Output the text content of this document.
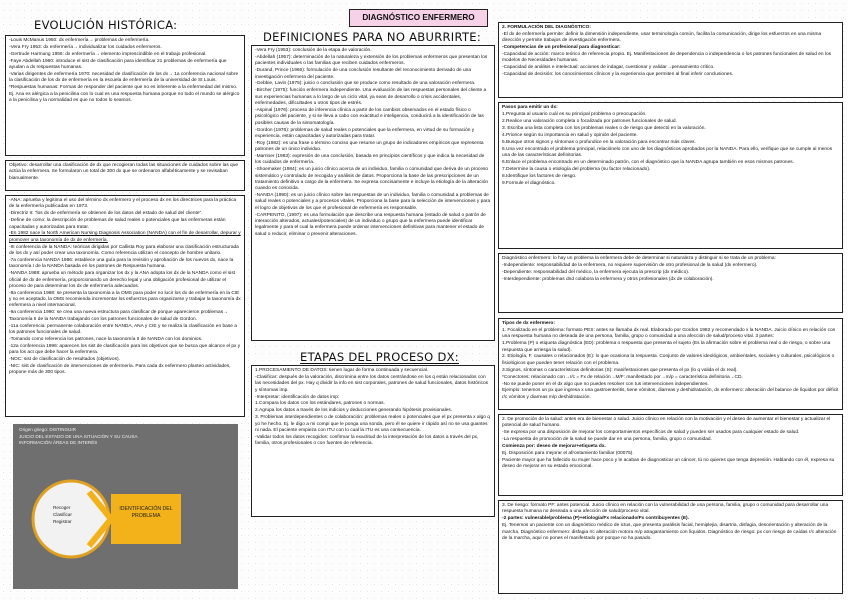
DIAGNÓSTICO ENFERMERO
EVOLUCIÓN HISTÓRICA:

-Louis McManus 1950: dx enfermería→ problemas de enfermería.

-Vera Fry 1953: dx enfermería→ individualizar los cuidados enfermeros.

-Gertrude Harmung 1956: dx enfermería→ elemento imprescindible en el trabajo profesional.

-Faye Abdellah 1960: introduce el sist de clasificación para identificar 21 problemas de enfermería que ayudan a dx respuestas humanas.

-Varias dirigentes de enfermería 1970: necesidad de clasificación de los dx→ 1a conferencia nacional sobre la clasificación de los dx de enfermería en la escuela de enfermería de la universidad de St Louis.

*Respuestas humanas: Formas de responder del paciente que no es inherente a la enfermedad del mismo. Ej. Ana es alérgica a la penicilina con lo cual es una respuesta humana porque no todo el mundo se alérgico a la penicilina y la normalidad es que no todos lo seamos.

Objetivo: desarrollar una clasificación de dx que recogieran todas las situaciones de cuidados sobre las que actúa la enfermera. Se formularon un total de 300 dx que se ordenaron alfabéticamente y se revisaban bianualmente.

-ANA: aprueba y legitima el uso del término dx enfermero y el proceso dx en los directrices para la práctica de la enfermería publicadas en 1973.

-Directriz II: "los dx de enfermería se obtienen de los datos del estado de salud del cliente".

-Define de como: la descripción de problemas de salud reales o potenciales que las enfermeras están capacitadas y autorizadas para tratar.

-En 1982 nace la North American Nursing Diagnosis Association (NANDA) con el fin de desarrollar, depurar y promover una taxonomía de dx de enfermería.

-III conferencia de la NANDA: teóricas dirigidas por Callista Roy para elaborar una clasificación estructurada de los dx y así poder crear una taxonomía. Como referencia utilizan el concepto de hombre unitario.

-7a conferencia NANDA 1986: establece una guía para la revisión y aprobación de los nuevos dx, nace la taxonomía I de la NANDA basada en los patrones de Respuesta humana.

-NANDA 1988: aprueba un método para organizar los dx y la ANA adopta los dx de la NANDA como el sist oficial de dx de enfermería, proporcionando un derecho legal y una obligación profesional de utilizar el proceso de para determinar los dx de enfermería adecuados.

-8a conferencia 1988: se presenta la taxonomía a la OMS para poder no lucir los dx de enfermería en la CIE y no es aceptado, la OMS recomienda incrementar los esfuerzos para organizarse y trabajar la taxonomía dx enfermera a nivel internacional.

-9a conferencia 1990: se crea una nueva estructura para clasificar de porque aparecieron problemas→ Taxonomía II de la NANDA trabajando con los patrones funcionales de salud de Gordon.

-11a conferencia: permanente colaboración entre NANDA, ANA y CIE y se realiza la clasificación en base a los patrones funcionales de salud.

-Tomando como referencia los patrones, nace la taxonomía II de NANDA con los dominios.

-12a conferencia 1996: aparecen los sist de clasificación para los objetivos que se busca que alcance el px y para los act que debe hacer la enfermera.

-NOC: sist de clasificación de resultados (objetivos).

-NIC: sist de clasificación de intervenciones de enfermería. Para cada dx enfermero planteo actividades, propone más de 300 tipos.

Origen griego: DISTINGUIR
JUICIO DEL ESTADO DE UNA SITUACIÓN Y SU CAUSA
INFORMACIÓN ÁREAS DE INTERÉS
Recoger
Clasificar
Registrar
IDENTIFICACIÓN DEL PROBLEMA
DEFINICIONES PARA NO ABURRIRTE:

-Vera Fry (1953): conclusión de la etapa de valoración.

-Abdellah (1957): determinación de la naturaleza y extensión de los problemas enfermeros que presentan los pacientes individuales o las familias que reciben cuidados enfermeros.

-Durand, Prince (1966): formulación de una conclusión resultante del reconocimiento derivado de una investigación enfermera del paciente.

-Gebbie, Lavin (1975): juicio o conclusión que se produce como resultado de una valoración enfermera.

-Bircher (1975): función enfermera independiente. Una evaluación de las respuestas personales del cliente a sus experiencias humanas a lo largo de un ciclo vital, ya sean de desarrollo o crisis accidentales, enfermedades, dificultades u otros tipos de estrés.

-Aspinal (1976): proceso de inferencia clínica a partir de los cambios observados en el estado físico o psicológico del paciente, y si se lleva a cabo con exactitud e inteligencia, conducirá a la identificación de las posibles causas de la sintomatología.

-Gordon (1976): problemas de salud reales o potenciales que la enfermera, en virtud de su formación y experiencia, están capacitadas y autorizadas para tratar.

-Roy (1982): es una frase o término conciso que resume un grupo de indicadores empíricos que representa patrones de un único individuo.

-Marriner (1983): expresión de una conclusión, basada en principios científicos y que indica la necesidad de los cuidados de enfermería.

-Shoemaker (1984): es un juicio clínico acerca de un individuo, familia o comunidad que deriva de un proceso sistemático y controlado de recogida y análisis de datos. Proporciona la base de las prescripciones de un tratamiento definitivo a cargo de la enfermera. Se expresa concisamente e incluye la etiología de la alteración cuando es conocida.

-NANDA (1990): es un juicio clínico sobre las respuestas de un individuo, familia o comunidad a problemas de salud reales o potenciales y a procesos vitales. Proporciona la base para la selección de intervenciones y para el logro de objetivos de los que el profesional de enfermería es responsable.

-CARPENITO, (1997): es una formulación que describe una respuesta humana (estado de salud o patrón de interacción alterados, actuales/potenciales) de un individuo o grupo que la enfermera puede identificar legalmente y para el cual la enfermera puede ordenar intervenciones definitivas para mantener el estado de salud o reducir, eliminar o prevenir alteraciones.

ETAPAS DEL PROCESO DX:

1.PROCESAMIENTO DE DATOS: tienen lugar de forma continuada y secuencial.

-Clasificar: después de la valoración, discrimina entre los datos centrándose en los q están relacionados con las necesidades del px. Hay q dividir la info en sist corporales, patrones de salud funcionales, datos históricos y síntomas imp.

-Interpretar: identificación de datos imp:

1.Compara los datos con los estándares, patrones o normas.

2.Agrupa los datos a través de los indicios y deducciones generando hipótesis provisionales.

3. Problemas interdependientes o de colaboración: problemas reales o potenciales que el px presenta x algo q yo he hecho. Ej. le digo a mi compi que le ponga una sonda, pero él se quiere ir rápido así no se usa guantes ni nada. El paciente empieza con ITU con lo cual la ITU es una consecuencia.

-Validar todos los datos recogidos: confirmar la exactitud de la interpretación de los datos a través del px, familia, otros profesionales o con fuentes de referencia.

2. FORMULACIÓN DEL DIAGNÓSTICO:

-El dx de enfermería permite: definir la dimensión independiente, usar terminología común, facilita la comunicación, dirige los esfuerzos en una misma dirección y permite trabajos de investigación enfermera.

-Competencias de un profesional para diagnosticar:

-Capacidad de acción: marco teórico de referencia propio. Ej. Manifestaciones de dependencia o independencia o los patrones funcionales de salud en los modelos de Necesidades humanas.

-Capacidad de análisis e intelectual: acciones de indagar, cuestionar y validar→pensamiento crítico.

-Capacidad de decisión: los conocimientos clínicos y la experiencia que permiten al final inferir conclusiones.

Pasos para emitir un dx:

1.Pregunta al usuario cuál es su principal problema o preocupación.

2.Realice una valoración completa o focalizada por patrones funcionales de salud.

3. Escriba una lista completa con los problemas reales o de riesgo que detectó en la valoración.

4.Priorice según su importancia en salud y opinión del paciente.

5.Busque otros signos y síntomas o profundice en la valoración para encontrar más claves.

6.Una vez encontrado el problema principal, relaciónelo con uno de los diagnósticos aprobados por la NANDA. Para ello, verifique que se cumple al menos una de las características definitorias.

6.Enlace el problema encontrado en un determinado patrón, con el diagnóstico que la NANDA agrupa también en esos mismos patrones.

7.Determine la causa o etiología del problema (su factor relacionado).

8.Identifique los factores de riesgo.

9.Formule el diagnóstico.

Diagnóstico enfermero: lo hay un problema la enfermera debe de determinar si naturaleza y distinguir si se trata de un problema:

-Independiente: responsabilidad de la enfermera, no requiere supervisión de otro profesional de la salud (dx enfermero).

-Dependiente: responsabilidad del médico, la enfermera ejecuta la prescrip (dx médico).

-Interdependiente: problemas dnd colabora la enfermera y otros profesionales (dx de colaboración).

Tipos de dx enfermero:

1. Focalizado en el problema: formato PES: antes se llamaba dx real. Elaborado por Gordon 1982 y recomendado x la NANDA. Juicio clínico en relación con una respuesta humana no deseada de una persona, familia, grupo o comunidad a una afección de salud/proceso vital. 3 partes:

1.Problema (P) o etiqueta diagnóstica (ED): problema o respuesta que presenta el sujeto (Es la afirmación sobre el problema real o de riesgo, o sobre una respuesta que arriesga la salud).

2. Etiología, F. causales o relacionados (E): lo que ocasiona la respuesta. Conjunto de valores ideológicos, ambientales, sociales y culturales, psicológicos o fisiológicos que pueden tener relación con el problema.

3.Signos, síntomas o características definitorias (S): manifestaciones que presenta el px (lo q valida el dx real).

*Conectores: relacionado con→r/c = Fx de relación→M/F: manifestado por→m/p = característica definitoria→CD.

-No se puede poner en el dx algo que no puedes resolver con tus intervenciones independientes.

Ejemplo: tenemos un px que ingresa x una gastroenteritis, tiene vómitos, diarreas y deshidratación, dx enfermero: alteración del balance de líquidos por déficit r/c vómitos y diarreas m/p deshidratación.

2. De promoción de la salud: antes era de bienestar o salud. Juicio clínico en relación con la motivación y el deseo de aumentar el bienestar y actualizar el potencial de salud humano.

-Se expresa por una disposición de mejorar los comportamientos específicos de salud y pueden ser usados para cualquier estado de salud.

-La respuesta de promoción de la salud se puede dar en una persona, familia, grupo o comunidad.

Comienza por: deseo de mejorar+etiqueta dx.

Ej. Disposición para mejorar el afrontamiento familiar (00075).

Paciente mayor que ha fallecido su mujer hace poco y le acaban de diagnosticar un cáncer, tú no quieres que tenga depresión. Hablando con él, expresa su deseo de mejorar en su estado emocional.

3. De riesgo: formato PF: antes potencial. Juicio clínico en relación con la vulnerabilidad de una persona, familia, grupo o comunidad para desarrollar una respuesta humana no deseada a una afección de salud/proceso vital.

-2 partes: vulnerable/problema (P)+etiología/Fx relacionado/Fx contribuyentes (E).

Ej. Tenemos un paciente con un diagnóstico médico de ictus, que presenta parálisis facial, hemiplejia, disartria, disfagia, desorientación y alteración de la marcha. Diagnóstico enfermero: disfagia r/c alteración motora m/p atragantamiento con líquidos. Diagnóstico de riesgo: px con riesgo de caídas r/c alteración de la marcha, aquí no pones el manifestado por porque no ha pasado.
